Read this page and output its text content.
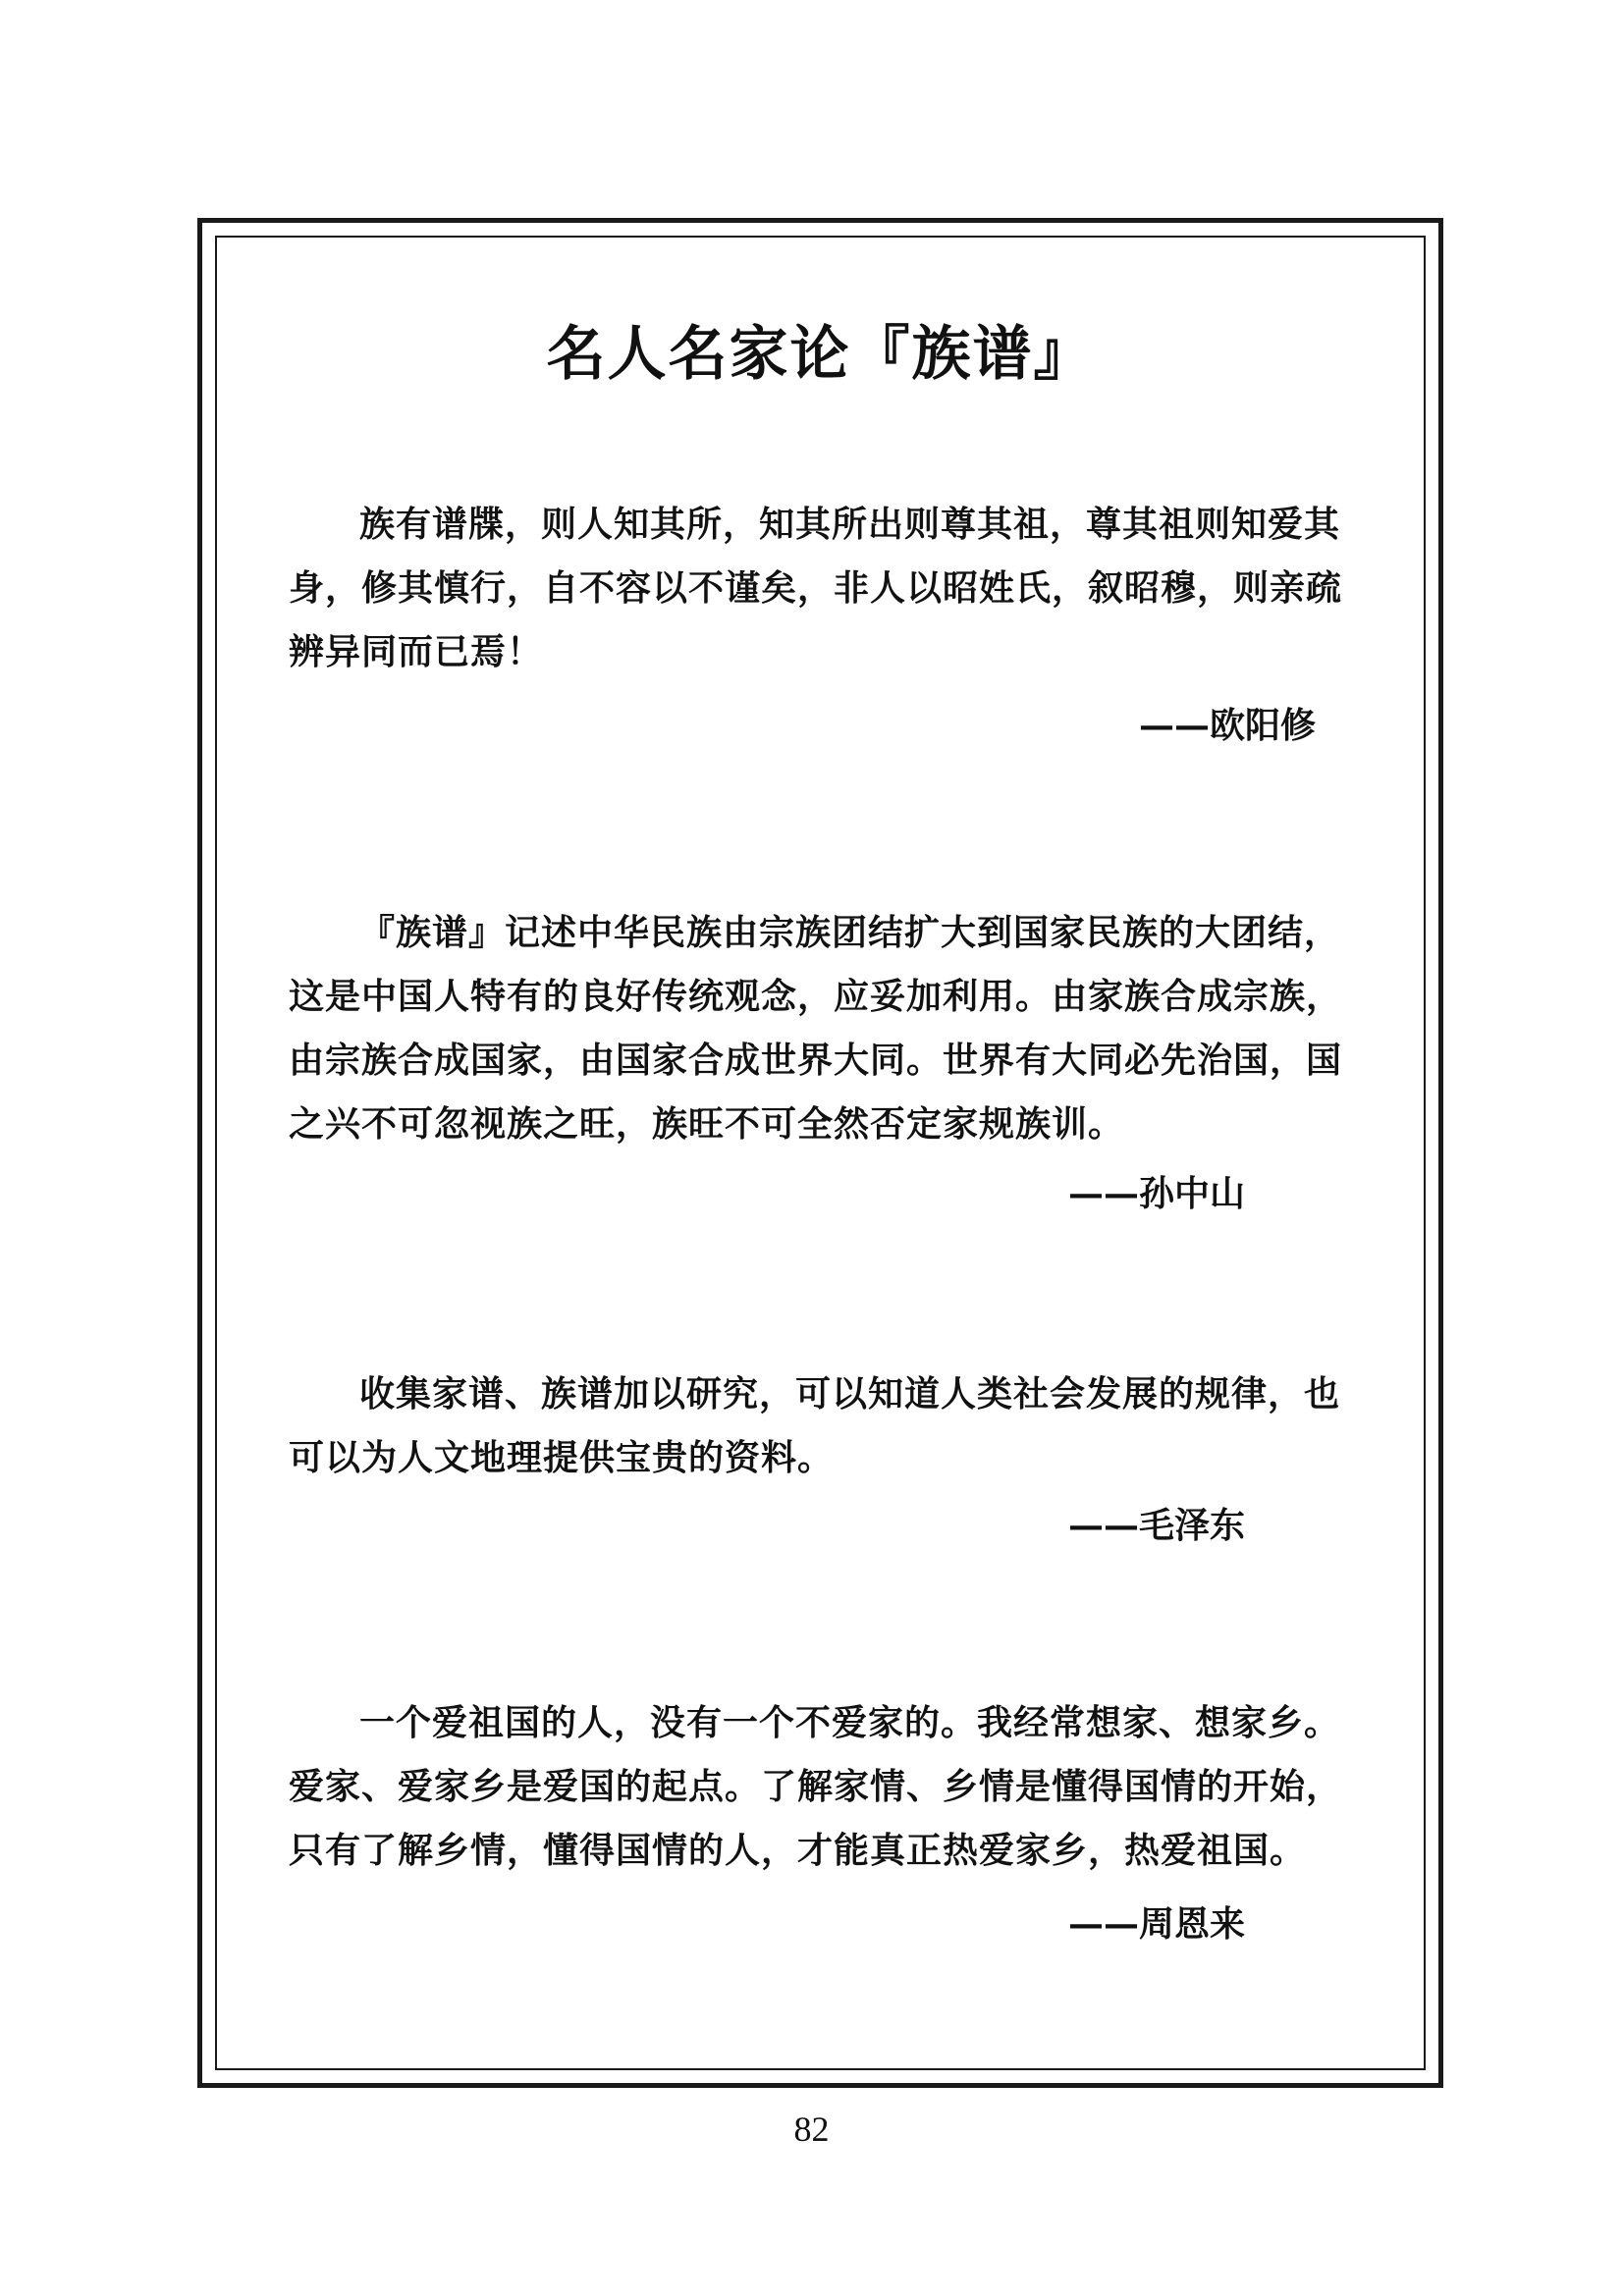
名人名家论『族谱』

族有谱牒，则人知其所，知其所出则尊其祖，尊其祖则知爱其身，修其慎行，自不容以不谨矣，非人以昭姓氏，叙昭穆，则亲疏辨异同而已焉！

——欧阳修

『族谱』记述中华民族由宗族团结扩大到国家民族的大团结，这是中国人特有的良好传统观念，应妥加利用。由家族合成宗族，由宗族合成国家，由国家合成世界大同。世界有大同必先治国，国之兴不可忽视族之旺，族旺不可全然否定家规族训。

——孙中山

收集家谱、族谱加以研究，可以知道人类社会发展的规律，也可以为人文地理提供宝贵的资料。

——毛泽东

一个爱祖国的人，没有一个不爱家的。我经常想家、想家乡。爱家、爱家乡是爱国的起点。了解家情、乡情是懂得国情的开始，只有了解乡情，懂得国情的人，才能真正热爱家乡，热爱祖国。

——周恩来

82
